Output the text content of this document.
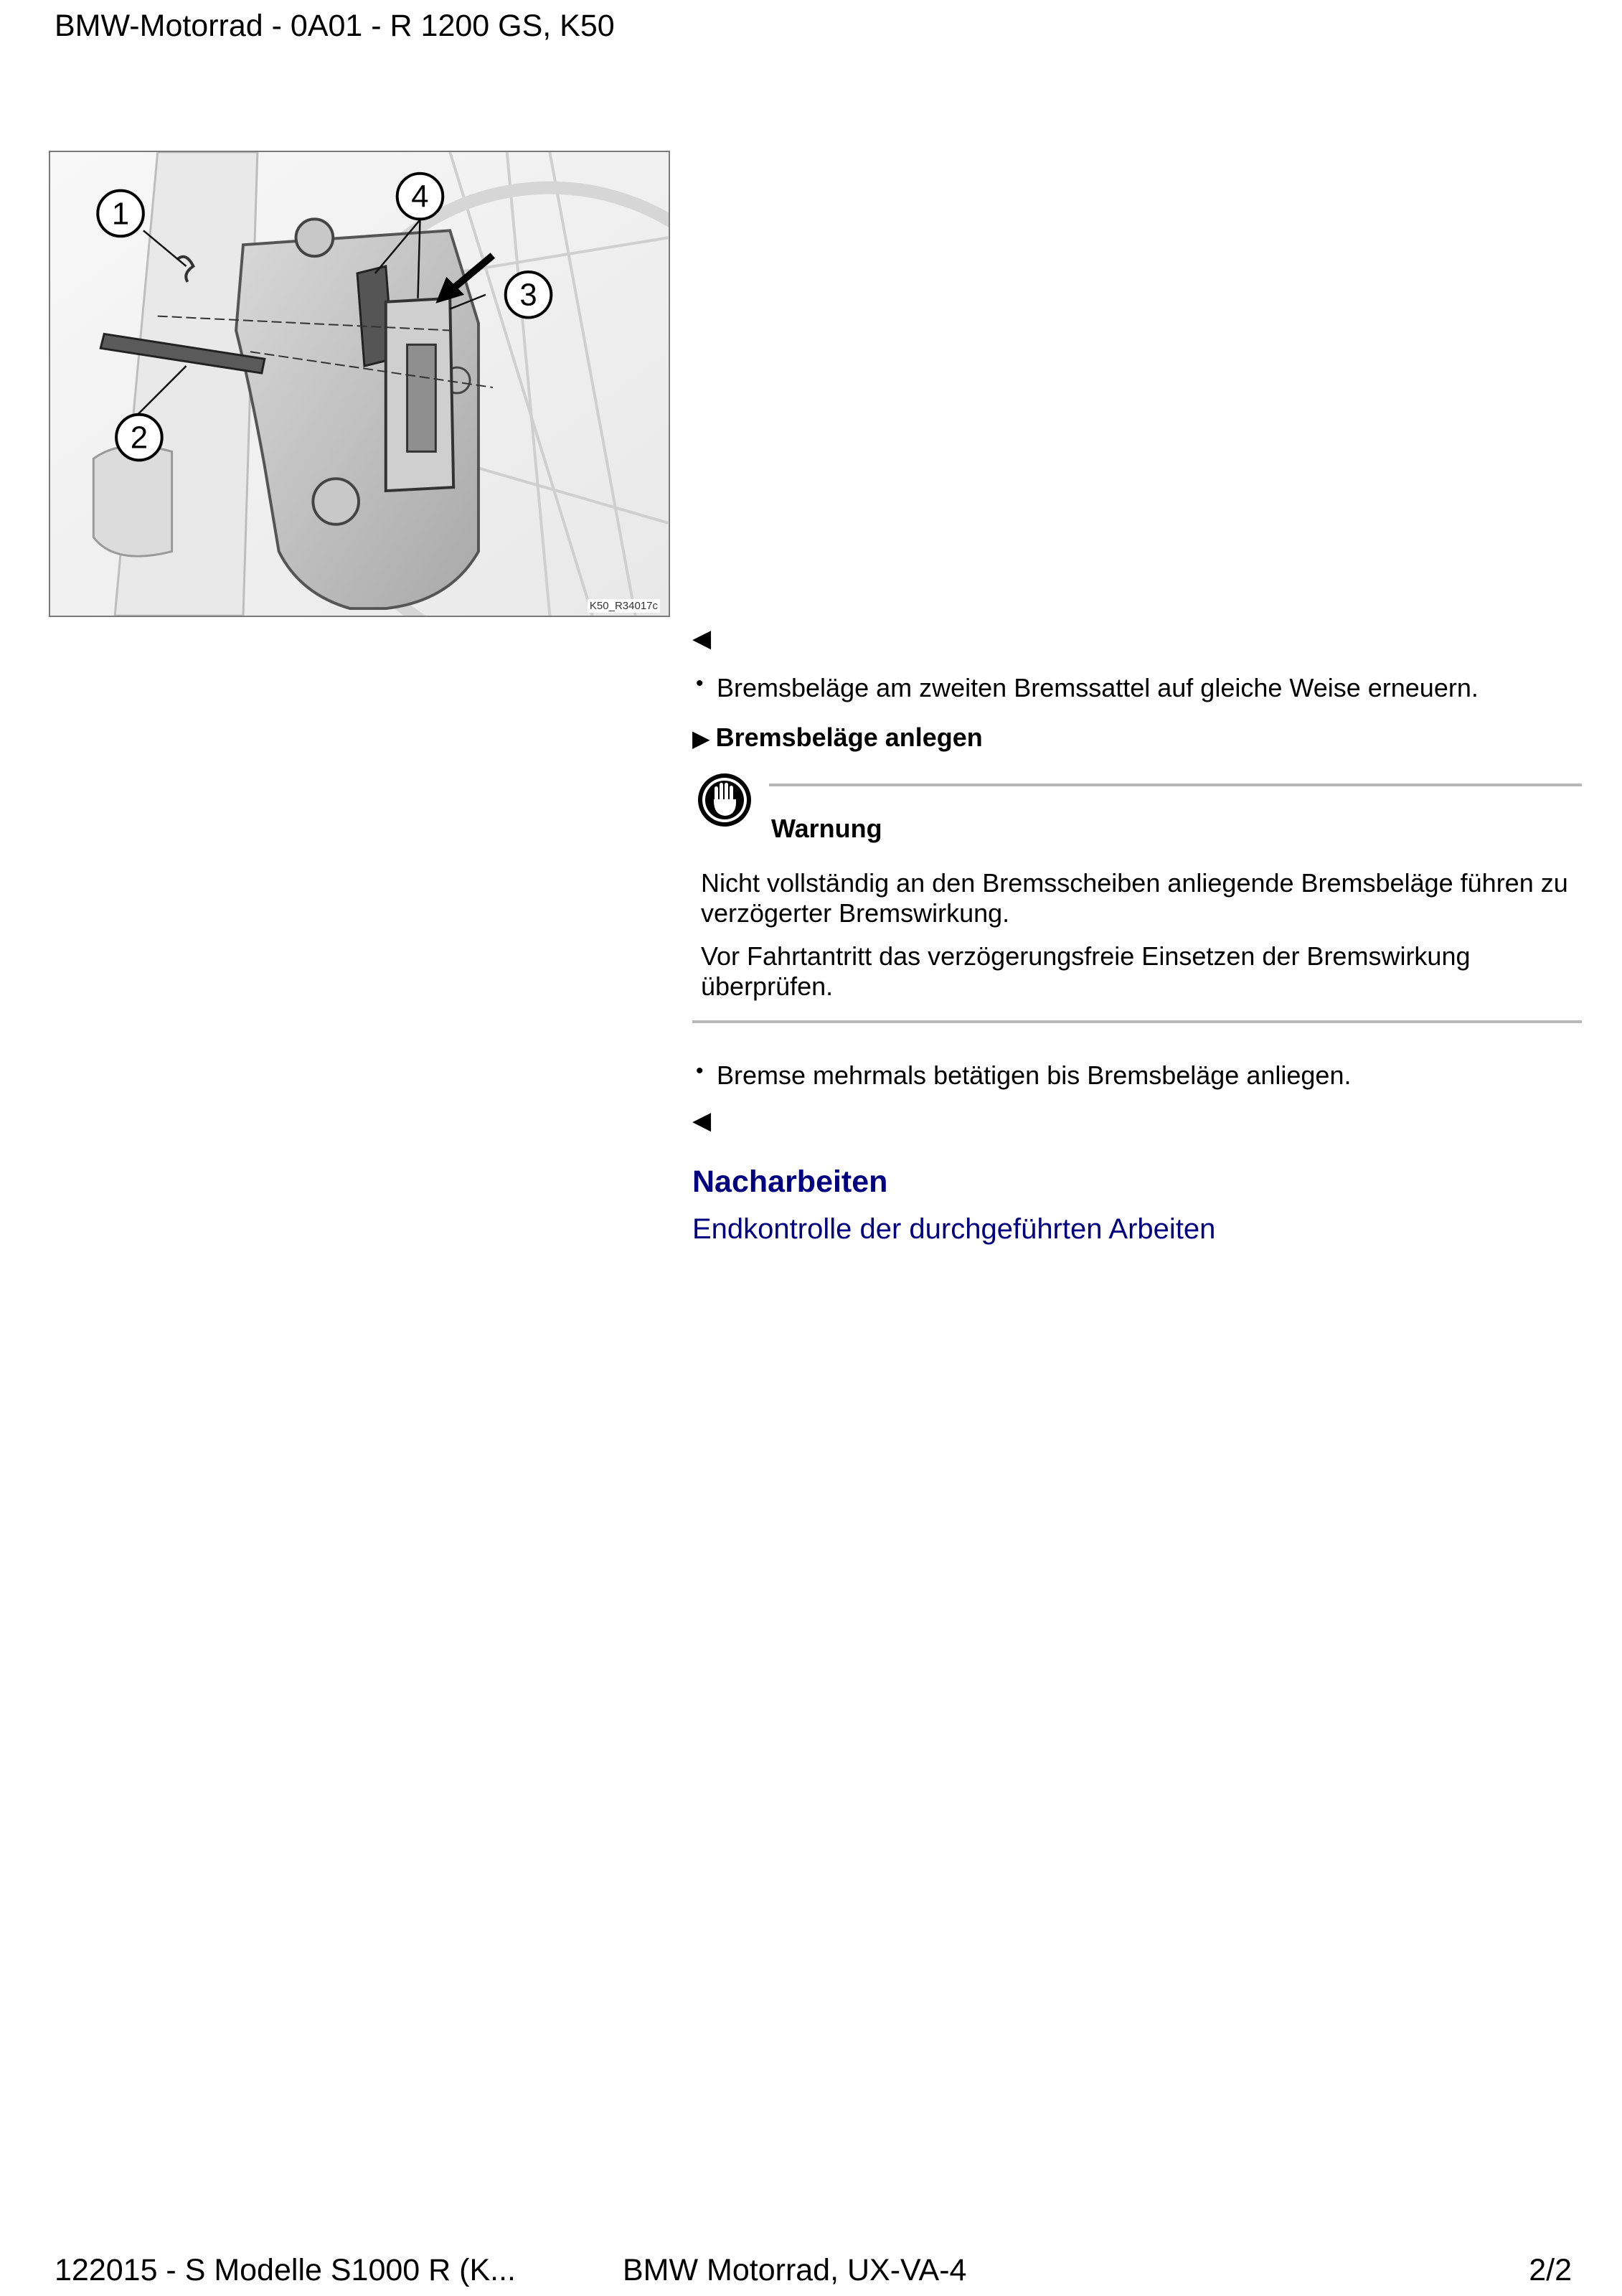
BMW-Motorrad - 0A01 - R 1200 GS, K50
1
2
3
4
K50_R34017c
◀
• Bremsbeläge am zweiten Bremssattel auf gleiche Weise erneuern.
▶ Bremsbeläge anlegen
Warnung
Nicht vollständig an den Bremsscheiben anliegende Bremsbeläge führen zu verzögerter Bremswirkung.
Vor Fahrtantritt das verzögerungsfreie Einsetzen der Bremswirkung überprüfen.
• Bremse mehrmals betätigen bis Bremsbeläge anliegen.
◀
Nacharbeiten
Endkontrolle der durchgeführten Arbeiten
122015 - S Modelle S1000 R (K...	BMW Motorrad, UX-VA-4	2/2
